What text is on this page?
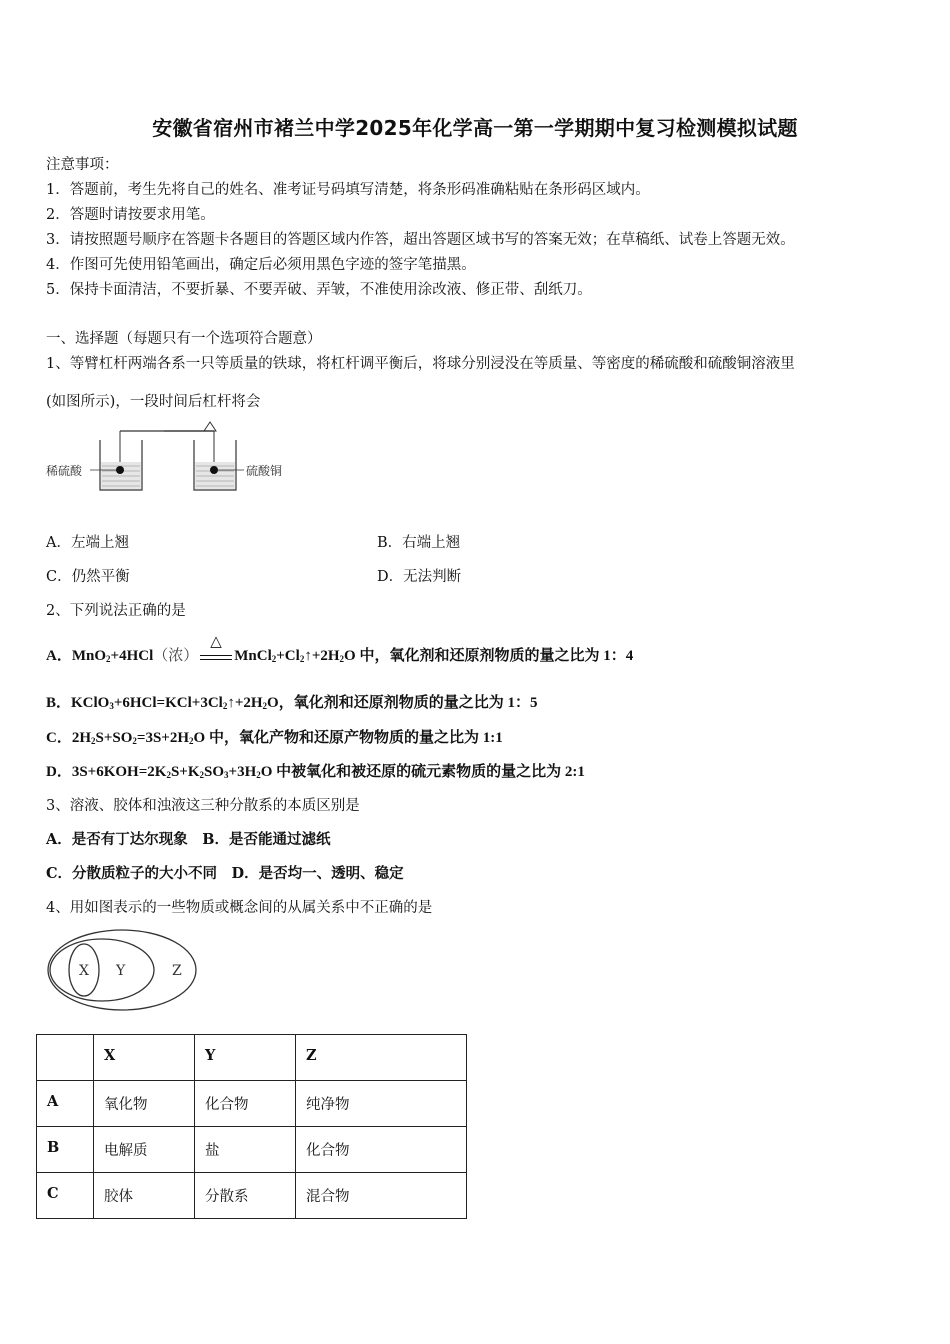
安徽省宿州市褚兰中学2025年化学高一第一学期期中复习检测模拟试题
注意事项：
1．答题前，考生先将自己的姓名、准考证号码填写清楚，将条形码准确粘贴在条形码区域内。
2．答题时请按要求用笔。
3．请按照题号顺序在答题卡各题目的答题区域内作答，超出答题区域书写的答案无效；在草稿纸、试卷上答题无效。
4．作图可先使用铅笔画出，确定后必须用黑色字迹的签字笔描黑。
5．保持卡面清洁，不要折暴、不要弄破、弄皱，不准使用涂改液、修正带、刮纸刀。
一、选择题（每题只有一个选项符合题意）
1、等臂杠杆两端各系一只等质量的铁球，将杠杆调平衡后，将球分别浸没在等质量、等密度的稀硫酸和硫酸铜溶液里
(如图所示)，一段时间后杠杆将会
稀硫酸	硫酸铜
A．左端上翘	B．右端上翘
C．仍然平衡	D．无法判断
2、下列说法正确的是
A．MnO$_2$+4HCl（浓）
△
$MnCl_2+Cl_2↑+2H_2O$ 中，氧化剂和还原剂物质的量之比为 1：4
B．$KClO_3+6HCl=KCl+3Cl_2↑+2H_2O$，氧化剂和还原剂物质的量之比为 1：5
C．$2H_2S+SO_2=3S+2H_2O$ 中，氧化产物和还原产物物质的量之比为 1:1
D．$3S+6KOH=2K_2S+K_2SO_3+3H_2O$ 中被氧化和被还原的硫元素物质的量之比为 2:1
3、溶液、胶体和浊液这三种分散系的本质区别是
A．是否有丁达尔现象　B．是否能通过滤纸
C．分散质粒子的大小不同　D．是否均一、透明、稳定
4、用如图表示的一些物质或概念间的从属关系中不正确的是
X Y	Z
	X	Y	Z
A	氧化物	化合物	纯净物
B	电解质	盐	化合物
C	胶体	分散系	混合物
